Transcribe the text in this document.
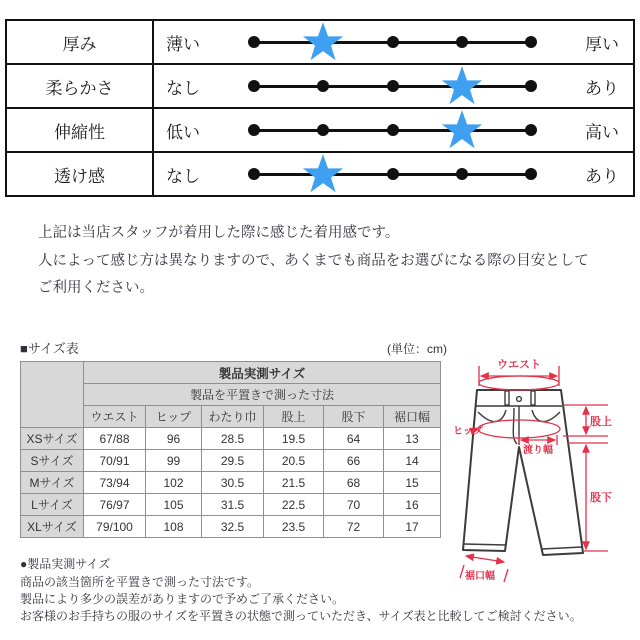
厚み	薄い	厚い
柔らかさ	なし	あり
伸縮性	低い	高い
透け感	なし	あり
上記は当店スタッフが着用した際に感じた着用感です。
人によって感じ方は異なりますので、あくまでも商品をお選びになる際の目安として
ご利用ください。
■サイズ表	(単位：cm)
	製品実測サイズ					
	製品を平置きで測った寸法					
	ウエスト	ヒップ	わたり巾	股上	股下	裾口幅
XSサイズ	67/88	96	28.5	19.5	64	13
Sサイズ	70/91	99	29.5	20.5	66	14
Mサイズ	73/94	102	30.5	21.5	68	15
Lサイズ	76/97	105	31.5	22.5	70	16
XLサイズ	79/100	108	32.5	23.5	72	17
ウエスト
ヒップ
渡り幅
股上
股下
裾口幅
●製品実測サイズ
商品の該当箇所を平置きで測った寸法です。
製品により多少の誤差がありますので予めご了承ください。
お客様のお手持ちの服のサイズを平置きの状態で測っていただき、サイズ表と比較してご検討ください。
